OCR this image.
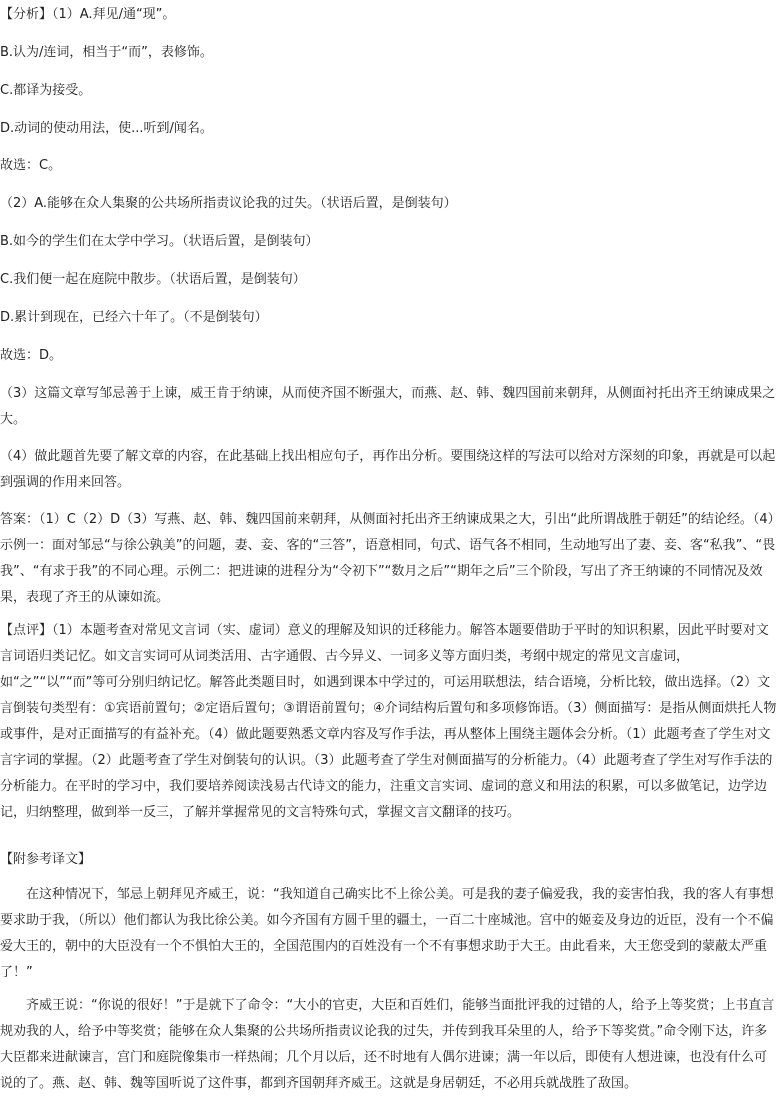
【分析】（1）A.拜见/通“现”。
B.认为/连词，相当于“而”，表修饰。
C.都译为接受。
D.动词的使动用法，使...听到/闻名。
故选：C。
（2）A.能够在众人集聚的公共场所指责议论我的过失。（状语后置，是倒装句）
B.如今的学生们在太学中学习。（状语后置，是倒装句）
C.我们便一起在庭院中散步。（状语后置，是倒装句）
D.累计到现在，已经六十年了。（不是倒装句）
故选：D。
（3）这篇文章写邹忌善于上谏，威王肯于纳谏，从而使齐国不断强大，而燕、赵、韩、魏四国前来朝拜，从侧面衬托出齐王纳谏成果之大。
（4）做此题首先要了解文章的内容，在此基础上找出相应句子，再作出分析。要围绕这样的写法可以给对方深刻的印象，再就是可以起到强调的作用来回答。
答案：（1）C（2）D（3）写燕、赵、韩、魏四国前来朝拜，从侧面衬托出齐王纳谏成果之大，引出“此所谓战胜于朝廷”的结论经。（4）示例一：面对邹忌“与徐公孰美”的问题，妻、妾、客的“三答”，语意相同，句式、语气各不相同，生动地写出了妻、妾、客“私我”、“畏我”、“有求于我”的不同心理。示例二：把进谏的进程分为“令初下”“数月之后”“期年之后”三个阶段，写出了齐王纳谏的不同情况及效果，表现了齐王的从谏如流。
【点评】（1）本题考查对常见文言词（实、虚词）意义的理解及知识的迁移能力。解答本题要借助于平时的知识积累，因此平时要对文言词语归类记忆。如文言实词可从词类活用、古字通假、古今异义、一词多义等方面归类，考纲中规定的常见文言虚词，如“之”“以”“而”等可分别归纳记忆。解答此类题目时，如遇到课本中学过的，可运用联想法，结合语境，分析比较，做出选择。（2）文言倒装句类型有：①宾语前置句；②定语后置句；③谓语前置句；④介词结构后置句和多项修饰语。（3）侧面描写：是指从侧面烘托人物或事件，是对正面描写的有益补充。（4）做此题要熟悉文章内容及写作手法，再从整体上围绕主题体会分析。（1）此题考查了学生对文言字词的掌握。（2）此题考查了学生对倒装句的认识。（3）此题考查了学生对侧面描写的分析能力。（4）此题考查了学生对写作手法的分析能力。在平时的学习中，我们要培养阅读浅易古代诗文的能力，注重文言实词、虚词的意义和用法的积累，可以多做笔记，边学边记，归纳整理，做到举一反三，了解并掌握常见的文言特殊句式，掌握文言文翻译的技巧。
【附参考译文】
在这种情况下，邹忌上朝拜见齐威王，说：“我知道自己确实比不上徐公美。可是我的妻子偏爱我，我的妾害怕我，我的客人有事想要求助于我，（所以）他们都认为我比徐公美。如今齐国有方圆千里的疆土，一百二十座城池。宫中的姬妾及身边的近臣，没有一个不偏爱大王的，朝中的大臣没有一个不惧怕大王的，全国范围内的百姓没有一个不有事想求助于大王。由此看来，大王您受到的蒙蔽太严重了！”
齐威王说：“你说的很好！”于是就下了命令：“大小的官吏，大臣和百姓们，能够当面批评我的过错的人，给予上等奖赏；上书直言规劝我的人，给予中等奖赏；能够在众人集聚的公共场所指责议论我的过失，并传到我耳朵里的人，给予下等奖赏。”命令刚下达，许多大臣都来进献谏言，宫门和庭院像集市一样热闹；几个月以后，还不时地有人偶尔进谏；满一年以后，即使有人想进谏，也没有什么可说的了。燕、赵、韩、魏等国听说了这件事，都到齐国朝拜齐威王。这就是身居朝廷，不必用兵就战胜了敌国。
